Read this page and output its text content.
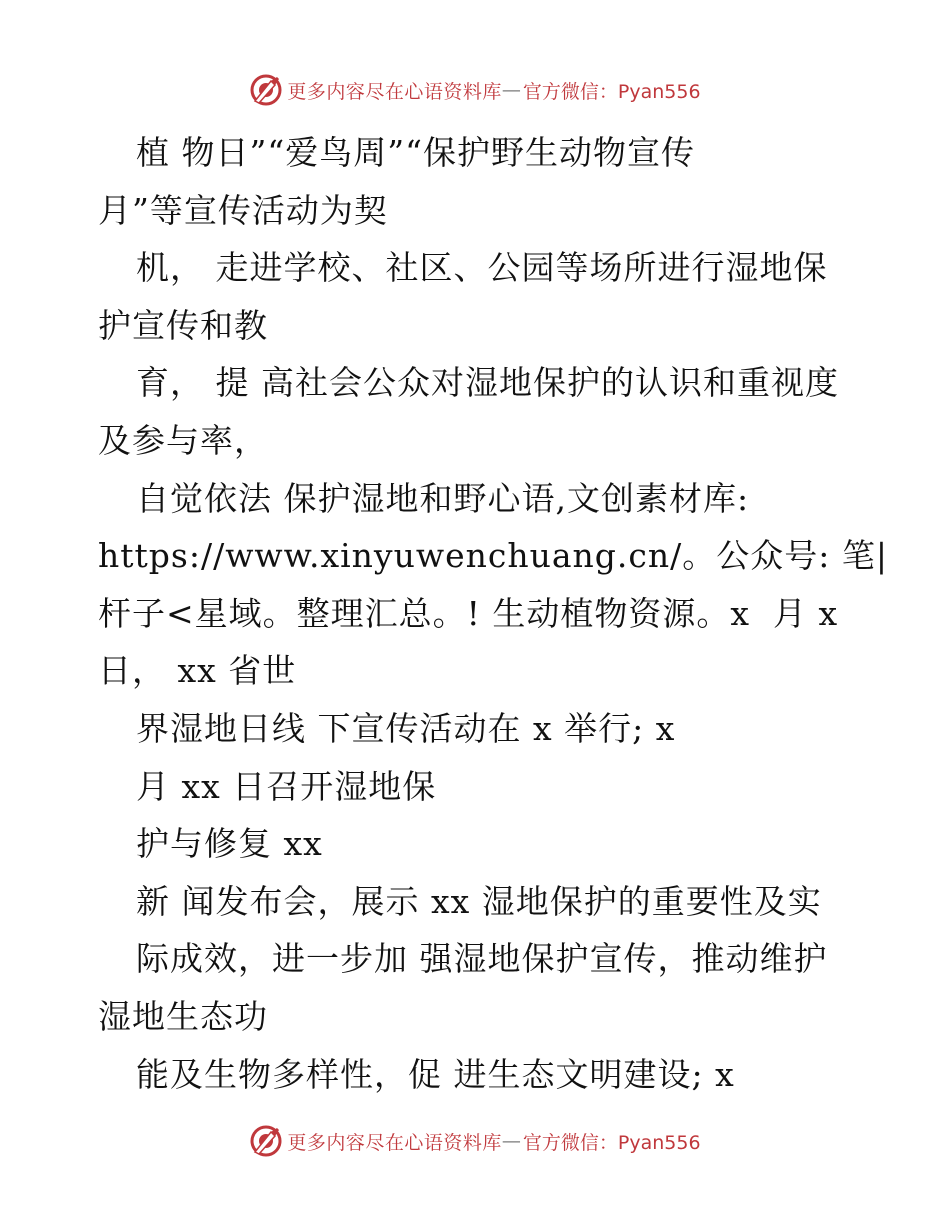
更多内容尽在心语资料库 — 官方微信：Pyan556
植 物日”“爱鸟周”“保护野生动物宣传
月”等宣传活动为契
机， 走进学校、社区、公园等场所进行湿地保
护宣传和教
育， 提 高社会公众对湿地保护的认识和重视度
及参与率，
自觉依法 保护湿地和野心语,文创素材库:
https://www.xinyuwenchuang.cn/。公众号: 笔|
杆子<星域。整理汇总。! 生动植物资源。x  月 x
日， xx 省世
界湿地日线 下宣传活动在 x 举行; x
月 xx 日召开湿地保
护与修复 xx
新 闻发布会，展示 xx 湿地保护的重要性及实
际成效，进一步加 强湿地保护宣传，推动维护
湿地生态功
能及生物多样性，促 进生态文明建设; x
更多内容尽在心语资料库 — 官方微信：Pyan556
